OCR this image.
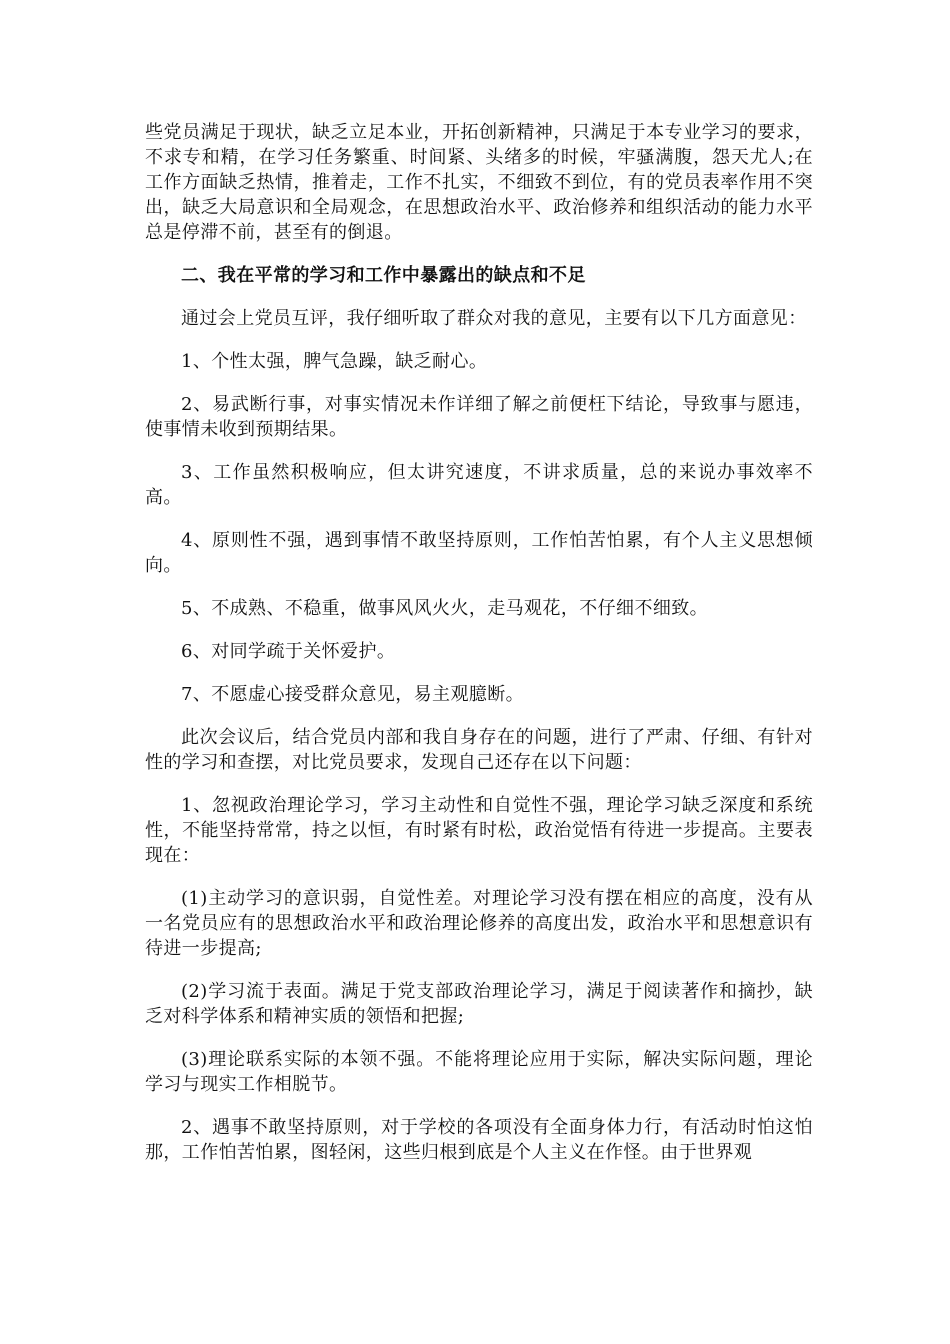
些党员满足于现状，缺乏立足本业，开拓创新精神，只满足于本专业学习的要求，不求专和精，在学习任务繁重、时间紧、头绪多的时候，牢骚满腹，怨天尤人;在工作方面缺乏热情，推着走，工作不扎实，不细致不到位，有的党员表率作用不突出，缺乏大局意识和全局观念，在思想政治水平、政治修养和组织活动的能力水平总是停滞不前，甚至有的倒退。

二、我在平常的学习和工作中暴露出的缺点和不足

通过会上党员互评，我仔细听取了群众对我的意见，主要有以下几方面意见：

1、个性太强，脾气急躁，缺乏耐心。

2、易武断行事，对事实情况未作详细了解之前便枉下结论，导致事与愿违，使事情未收到预期结果。

3、工作虽然积极响应，但太讲究速度，不讲求质量，总的来说办事效率不高。

4、原则性不强，遇到事情不敢坚持原则，工作怕苦怕累，有个人主义思想倾向。

5、不成熟、不稳重，做事风风火火，走马观花，不仔细不细致。

6、对同学疏于关怀爱护。

7、不愿虚心接受群众意见，易主观臆断。

此次会议后，结合党员内部和我自身存在的问题，进行了严肃、仔细、有针对性的学习和查摆，对比党员要求，发现自己还存在以下问题：

1、忽视政治理论学习，学习主动性和自觉性不强，理论学习缺乏深度和系统性，不能坚持常常，持之以恒，有时紧有时松，政治觉悟有待进一步提高。主要表现在：

(1)主动学习的意识弱，自觉性差。对理论学习没有摆在相应的高度，没有从一名党员应有的思想政治水平和政治理论修养的高度出发，政治水平和思想意识有待进一步提高;

(2)学习流于表面。满足于党支部政治理论学习，满足于阅读著作和摘抄，缺乏对科学体系和精神实质的领悟和把握;

(3)理论联系实际的本领不强。不能将理论应用于实际，解决实际问题，理论学习与现实工作相脱节。

2、遇事不敢坚持原则，对于学校的各项没有全面身体力行，有活动时怕这怕那，工作怕苦怕累，图轻闲，这些归根到底是个人主义在作怪。由于世界观
